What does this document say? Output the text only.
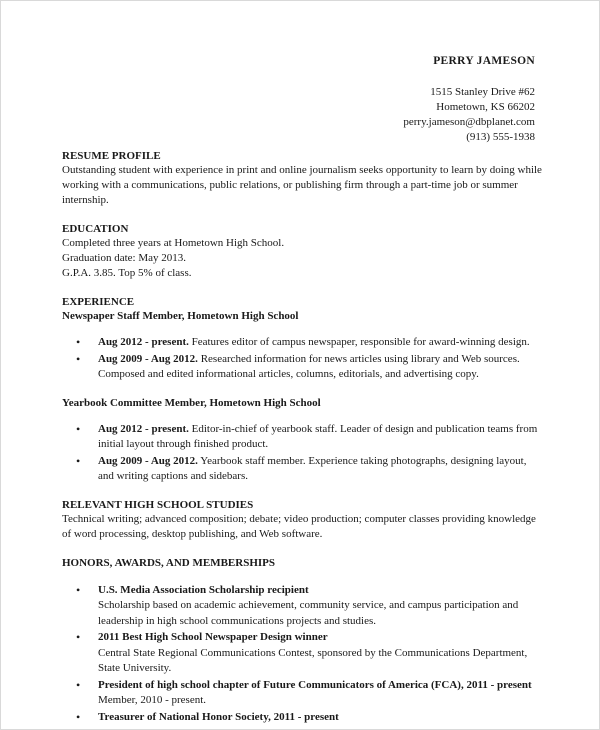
PERRY JAMESON
1515 Stanley Drive #62
Hometown, KS 66202
perry.jameson@dbplanet.com
(913) 555-1938
RESUME PROFILE
Outstanding student with experience in print and online journalism seeks opportunity to learn by doing while working with a communications, public relations, or publishing firm through a part-time job or summer internship.
EDUCATION
Completed three years at Hometown High School.
Graduation date: May 2013.
G.P.A. 3.85. Top 5% of class.
EXPERIENCE
Newspaper Staff Member, Hometown High School
• Aug 2012 - present. Features editor of campus newspaper, responsible for award-winning design.
• Aug 2009 - Aug 2012. Researched information for news articles using library and Web sources. Composed and edited informational articles, columns, editorials, and advertising copy.
Yearbook Committee Member, Hometown High School
• Aug 2012 - present. Editor-in-chief of yearbook staff. Leader of design and publication teams from initial layout through finished product.
• Aug 2009 - Aug 2012. Yearbook staff member. Experience taking photographs, designing layout, and writing captions and sidebars.
RELEVANT HIGH SCHOOL STUDIES
Technical writing; advanced composition; debate; video production; computer classes providing knowledge of word processing, desktop publishing, and Web software.
HONORS, AWARDS, AND MEMBERSHIPS
• U.S. Media Association Scholarship recipient
Scholarship based on academic achievement, community service, and campus participation and leadership in high school communications projects and studies.
• 2011 Best High School Newspaper Design winner
Central State Regional Communications Contest, sponsored by the Communications Department, State University.
• President of high school chapter of Future Communicators of America (FCA), 2011 - present
Member, 2010 - present.
• Treasurer of National Honor Society, 2011 - present
